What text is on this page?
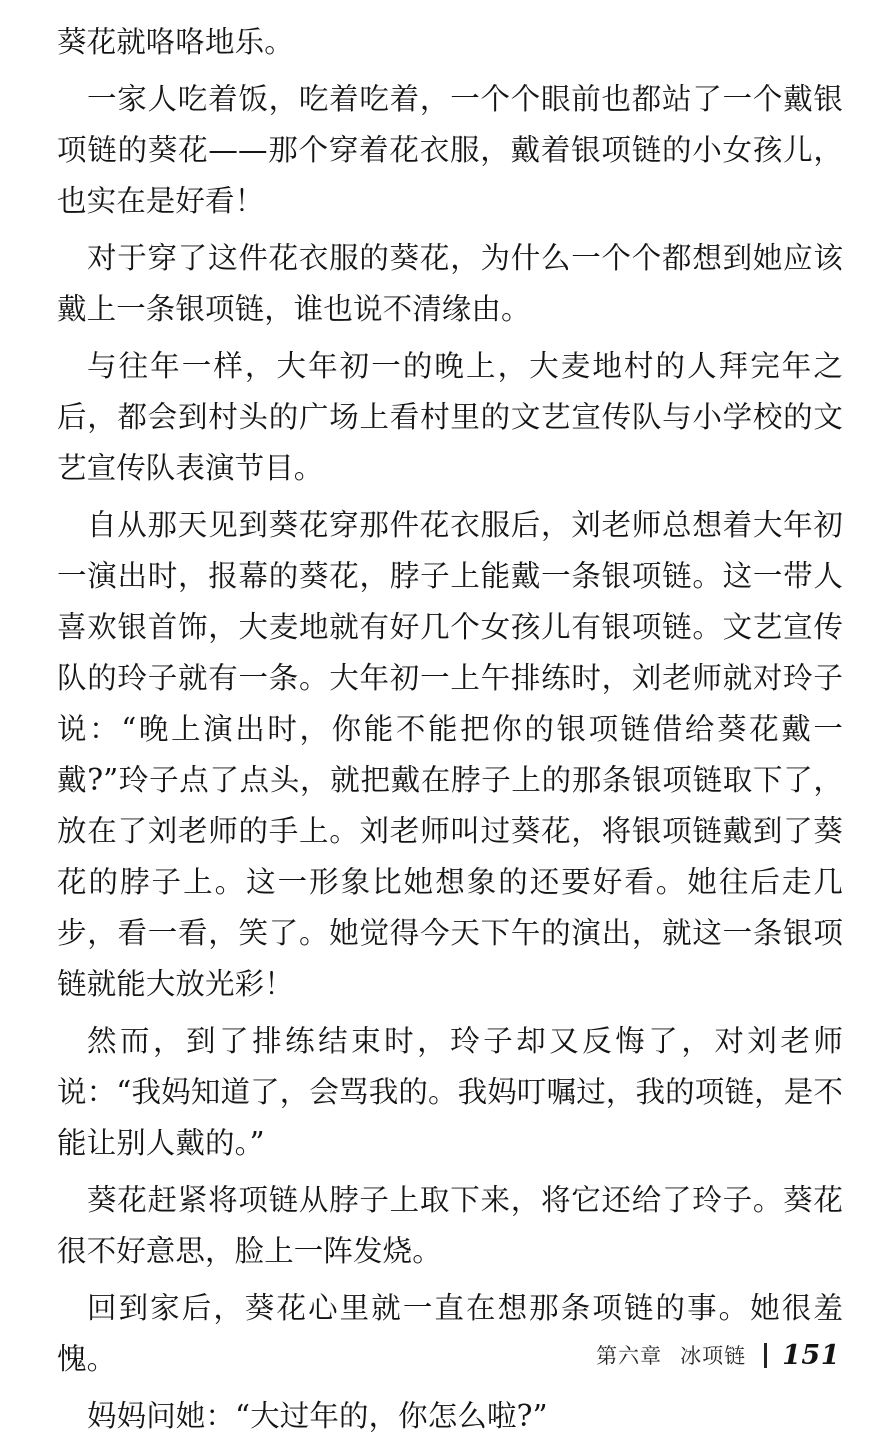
葵花就咯咯地乐。

一家人吃着饭，吃着吃着，一个个眼前也都站了一个戴银项链的葵花——那个穿着花衣服，戴着银项链的小女孩儿，也实在是好看！

对于穿了这件花衣服的葵花，为什么一个个都想到她应该戴上一条银项链，谁也说不清缘由。

与往年一样，大年初一的晚上，大麦地村的人拜完年之后，都会到村头的广场上看村里的文艺宣传队与小学校的文艺宣传队表演节目。

自从那天见到葵花穿那件花衣服后，刘老师总想着大年初一演出时，报幕的葵花，脖子上能戴一条银项链。这一带人喜欢银首饰，大麦地就有好几个女孩儿有银项链。文艺宣传队的玲子就有一条。大年初一上午排练时，刘老师就对玲子说：“晚上演出时，你能不能把你的银项链借给葵花戴一戴?”玲子点了点头，就把戴在脖子上的那条银项链取下了，放在了刘老师的手上。刘老师叫过葵花，将银项链戴到了葵花的脖子上。这一形象比她想象的还要好看。她往后走几步，看一看，笑了。她觉得今天下午的演出，就这一条银项链就能大放光彩！

然而，到了排练结束时，玲子却又反悔了，对刘老师说：“我妈知道了，会骂我的。我妈叮嘱过，我的项链，是不能让别人戴的。”

葵花赶紧将项链从脖子上取下来，将它还给了玲子。葵花很不好意思，脸上一阵发烧。

回到家后，葵花心里就一直在想那条项链的事。她很羞愧。

妈妈问她：“大过年的，你怎么啦?”

第六章 冰项链 151
